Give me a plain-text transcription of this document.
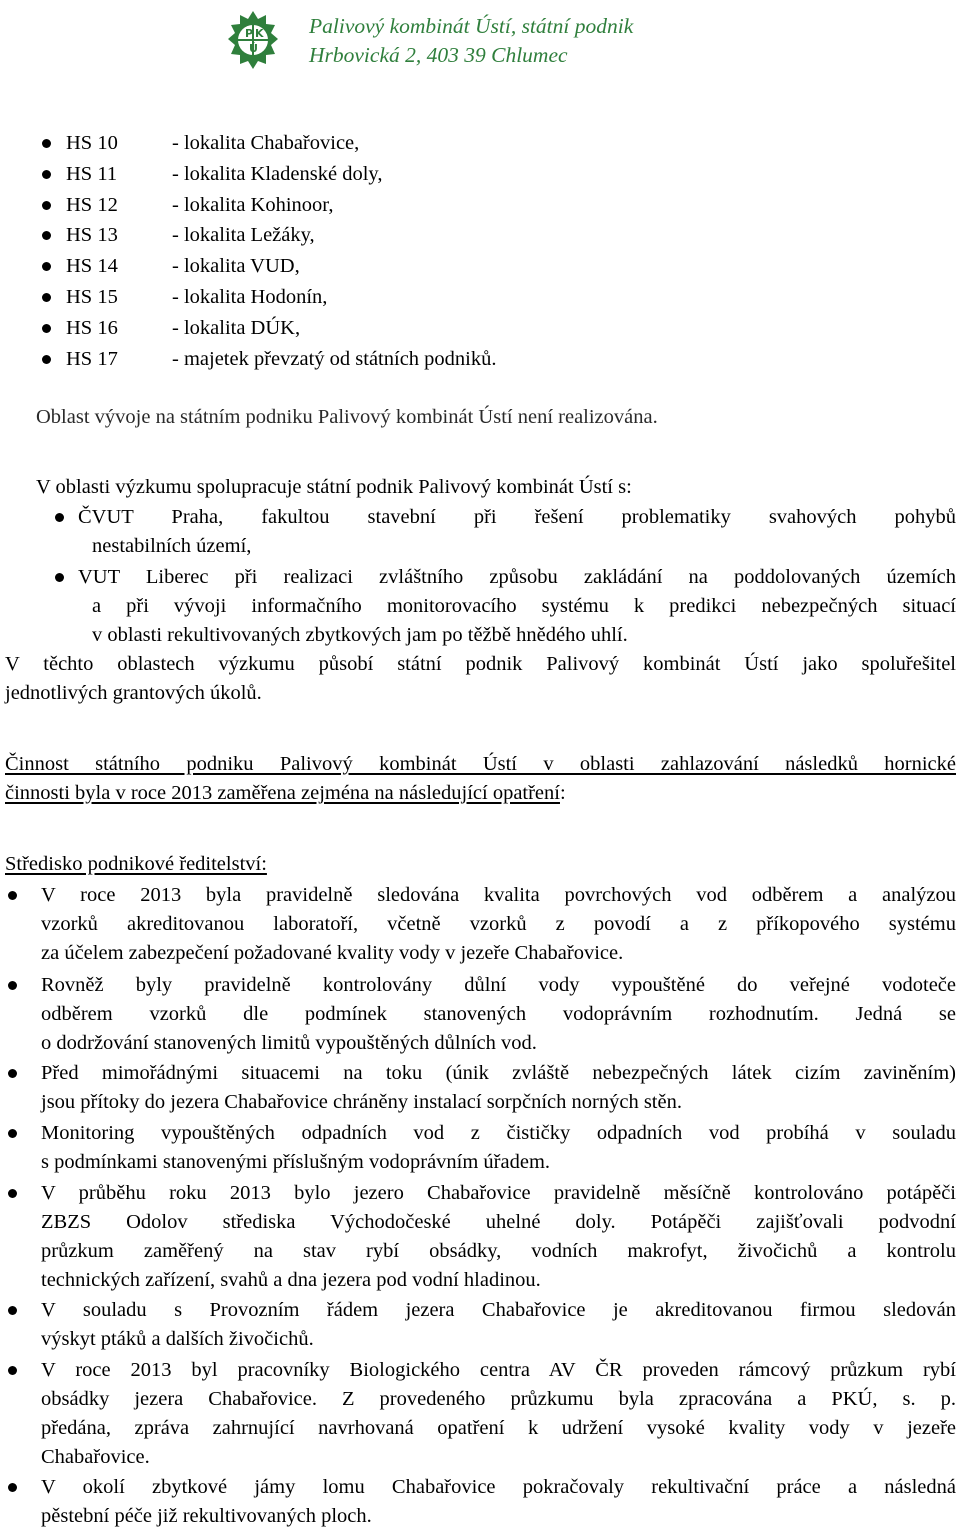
P K
Ú
Palivový kombinát Ústí, státní podnik
Hrbovická 2, 403 39 Chlumec
HS 10	- lokalita Chabařovice,
HS 11	- lokalita Kladenské doly,
HS 12	- lokalita Kohinoor,
HS 13	- lokalita Ležáky,
HS 14	- lokalita VUD,
HS 15	- lokalita Hodonín,
HS 16	- lokalita DÚK,
HS 17	- majetek převzatý od státních podniků.
Oblast vývoje na státním podniku Palivový kombinát Ústí není realizována.
V oblasti výzkumu spolupracuje státní podnik Palivový kombinát Ústí s:
ČVUT Praha, fakultou stavební při řešení problematiky svahových pohybů
nestabilních území,
VUT Liberec při realizaci zvláštního způsobu zakládání na poddolovaných územích
a při vývoji informačního monitorovacího systému k predikci nebezpečných situací
v oblasti rekultivovaných zbytkových jam po těžbě hnědého uhlí.
V těchto oblastech výzkumu působí státní podnik Palivový kombinát Ústí jako spoluřešitel
jednotlivých grantových úkolů.
Činnost státního podniku Palivový kombinát Ústí v oblasti zahlazování následků hornické
činnosti byla v roce 2013 zaměřena zejména na následující opatření:
Středisko podnikové ředitelství:

V roce 2013 byla pravidelně sledována kvalita povrchových vod odběrem a analýzou

vzorků akreditovanou laboratoří, včetně vzorků z povodí a z příkopového systému

za účelem zabezpečení požadované kvality vody v jezeře Chabařovice.

Rovněž byly pravidelně kontrolovány důlní vody vypouštěné do veřejné vodoteče

odběrem vzorků dle podmínek stanovených vodoprávním rozhodnutím. Jedná se

o dodržování stanovených limitů vypouštěných důlních vod.

Před mimořádnými situacemi na toku (únik zvláště nebezpečných látek cizím zaviněním)

jsou přítoky do jezera Chabařovice chráněny instalací sorpčních norných stěn.

Monitoring vypouštěných odpadních vod z čističky odpadních vod probíhá v souladu

s podmínkami stanovenými příslušným vodoprávním úřadem.

V průběhu roku 2013 bylo jezero Chabařovice pravidelně měsíčně kontrolováno potápěči

ZBZS Odolov střediska Východočeské uhelné doly. Potápěči zajišťovali podvodní

průzkum zaměřený na stav rybí obsádky, vodních makrofyt, živočichů a kontrolu

technických zařízení, svahů a dna jezera pod vodní hladinou.

V souladu s Provozním řádem jezera Chabařovice je akreditovanou firmou sledován

výskyt ptáků a dalších živočichů.

V roce 2013 byl pracovníky Biologického centra AV ČR proveden rámcový průzkum rybí

obsádky jezera Chabařovice. Z provedeného průzkumu byla zpracována a PKÚ, s. p.

předána, zpráva zahrnující navrhovaná opatření k udržení vysoké kvality vody v jezeře

Chabařovice.

V okolí zbytkové jámy lomu Chabařovice pokračovaly rekultivační práce a následná

pěstební péče již rekultivovaných ploch.
